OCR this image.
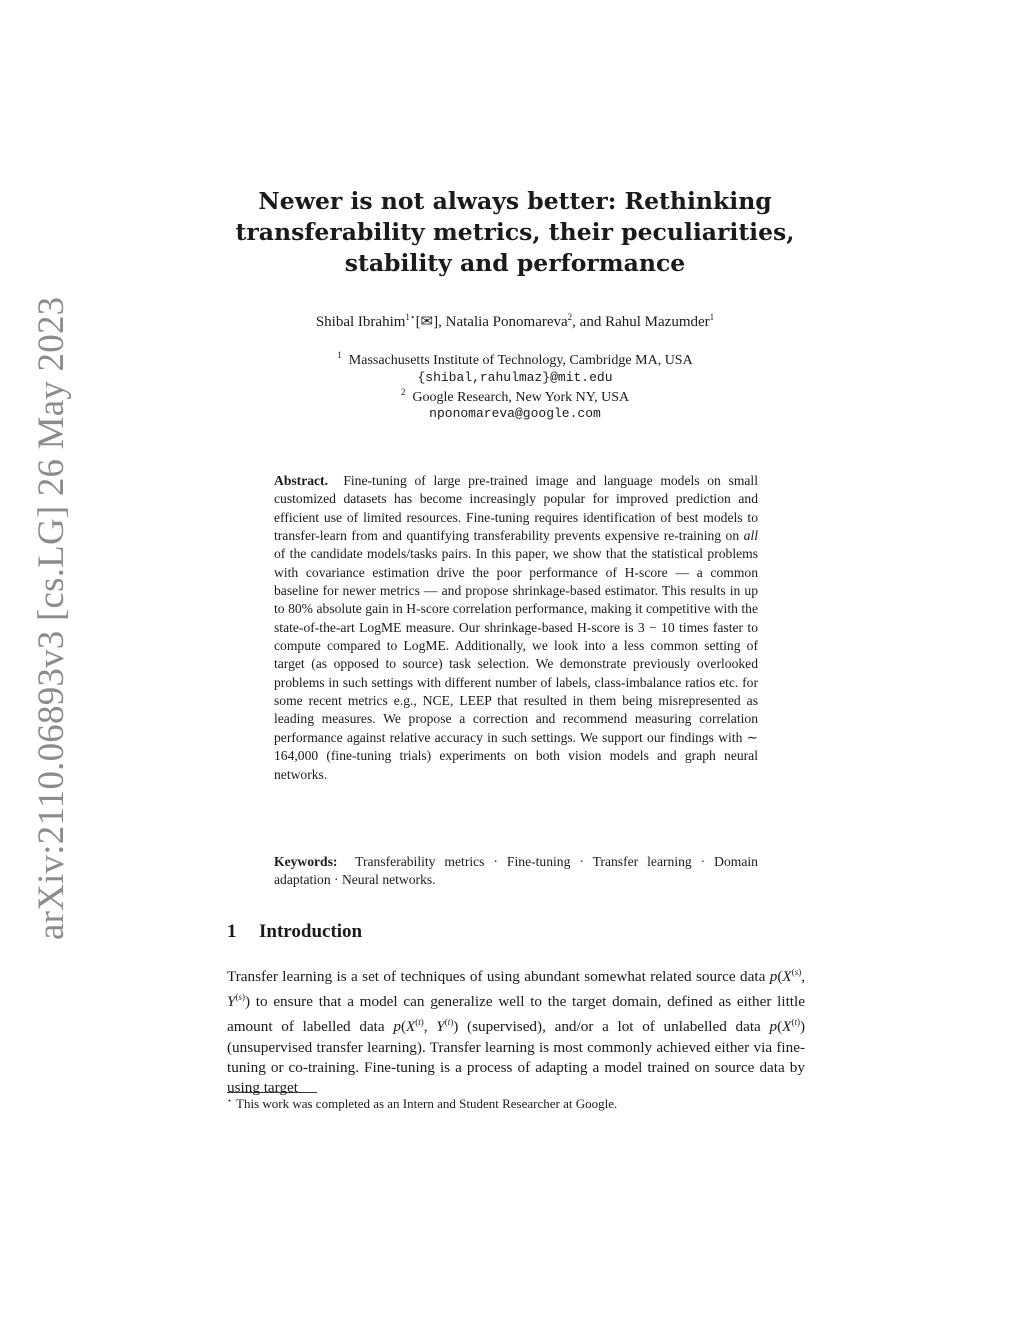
arXiv:2110.06893v3 [cs.LG] 26 May 2023
Newer is not always better: Rethinking
transferability metrics, their peculiarities,
stability and performance
Shibal Ibrahim$^{1⋆}$[✉], Natalia Ponomareva$^2$, and Rahul Mazumder$^1$
$^1$ Massachusetts Institute of Technology, Cambridge MA, USA
{shibal,rahulmaz}@mit.edu
$^2$ Google Research, New York NY, USA
nponomareva@google.com
Abstract. Fine-tuning of large pre-trained image and language models on small customized datasets has become increasingly popular for improved prediction and efficient use of limited resources. Fine-tuning requires identification of best models to transfer-learn from and quantifying transferability prevents expensive re-training on all of the candidate models/tasks pairs. In this paper, we show that the statistical problems with covariance estimation drive the poor performance of H-score — a common baseline for newer metrics — and propose shrinkage-based estimator. This results in up to 80% absolute gain in H-score correlation performance, making it competitive with the state-of-the-art LogME measure. Our shrinkage-based H-score is 3 − 10 times faster to compute compared to LogME. Additionally, we look into a less common setting of target (as opposed to source) task selection. We demonstrate previously overlooked problems in such settings with different number of labels, class-imbalance ratios etc. for some recent metrics e.g., NCE, LEEP that resulted in them being misrepresented as leading measures. We propose a correction and recommend measuring correlation performance against relative accuracy in such settings. We support our findings with ∼ 164,000 (fine-tuning trials) experiments on both vision models and graph neural networks.
Keywords: Transferability metrics · Fine-tuning · Transfer learning · Domain adaptation · Neural networks.
1 Introduction
Transfer learning is a set of techniques of using abundant somewhat related source data $p(X^{(s)}$, $Y^{(s)}$) to ensure that a model can generalize well to the target domain, defined as either little amount of labelled data $p(X^{(t)}$, $Y^{(t)}$) (supervised), and/or a lot of unlabelled data $p(X^{(t)})$ (unsupervised transfer learning). Transfer learning is most commonly achieved either via fine-tuning or co-training. Fine-tuning is a process of adapting a model trained on source data by using target
⋆ This work was completed as an Intern and Student Researcher at Google.
